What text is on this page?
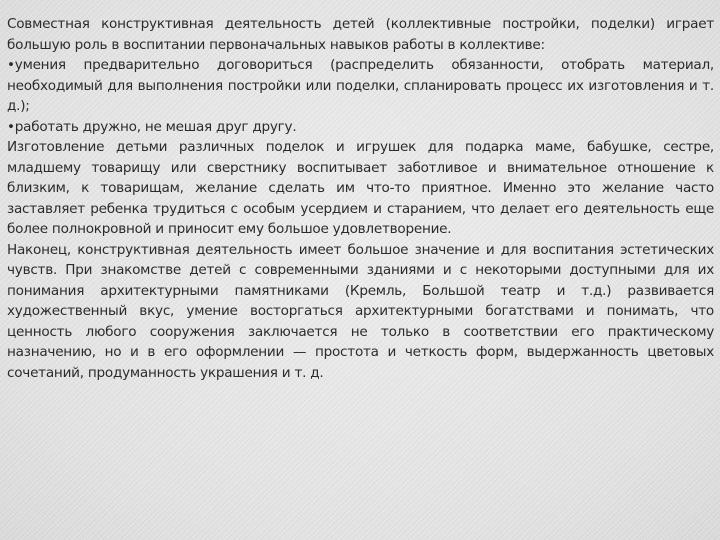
Совместная конструктивная деятельность детей (коллективные постройки, поделки) играет большую роль в воспитании первоначальных навыков работы в коллективе:

•умения предварительно договориться (распределить обязанности, отобрать материал, необходимый для выполнения постройки или поделки, спланировать процесс их изготовления и т. д.);

•работать дружно, не мешая друг другу.

Изготовление детьми различных поделок и игрушек для подарка маме, бабушке, сестре, младшему товарищу или сверстнику воспитывает заботливое и внимательное отношение к близким, к товарищам, желание сделать им что-то приятное. Именно это желание часто заставляет ребенка трудиться с особым усердием и старанием, что делает его деятельность еще более полнокровной и приносит ему большое удовлетворение.

Наконец, конструктивная деятельность имеет большое значение и для воспитания эстетических чувств. При знакомстве детей с современными зданиями и с некоторыми доступными для их понимания архитектурными памятниками (Кремль, Большой театр и т.д.) развивается художественный вкус, умение восторгаться архитектурными богатствами и понимать, что ценность любого сооружения заключается не только в соответствии его практическому назначению, но и в его оформлении — простота и четкость форм, выдержанность цветовых сочетаний, продуманность украшения и т. д.
